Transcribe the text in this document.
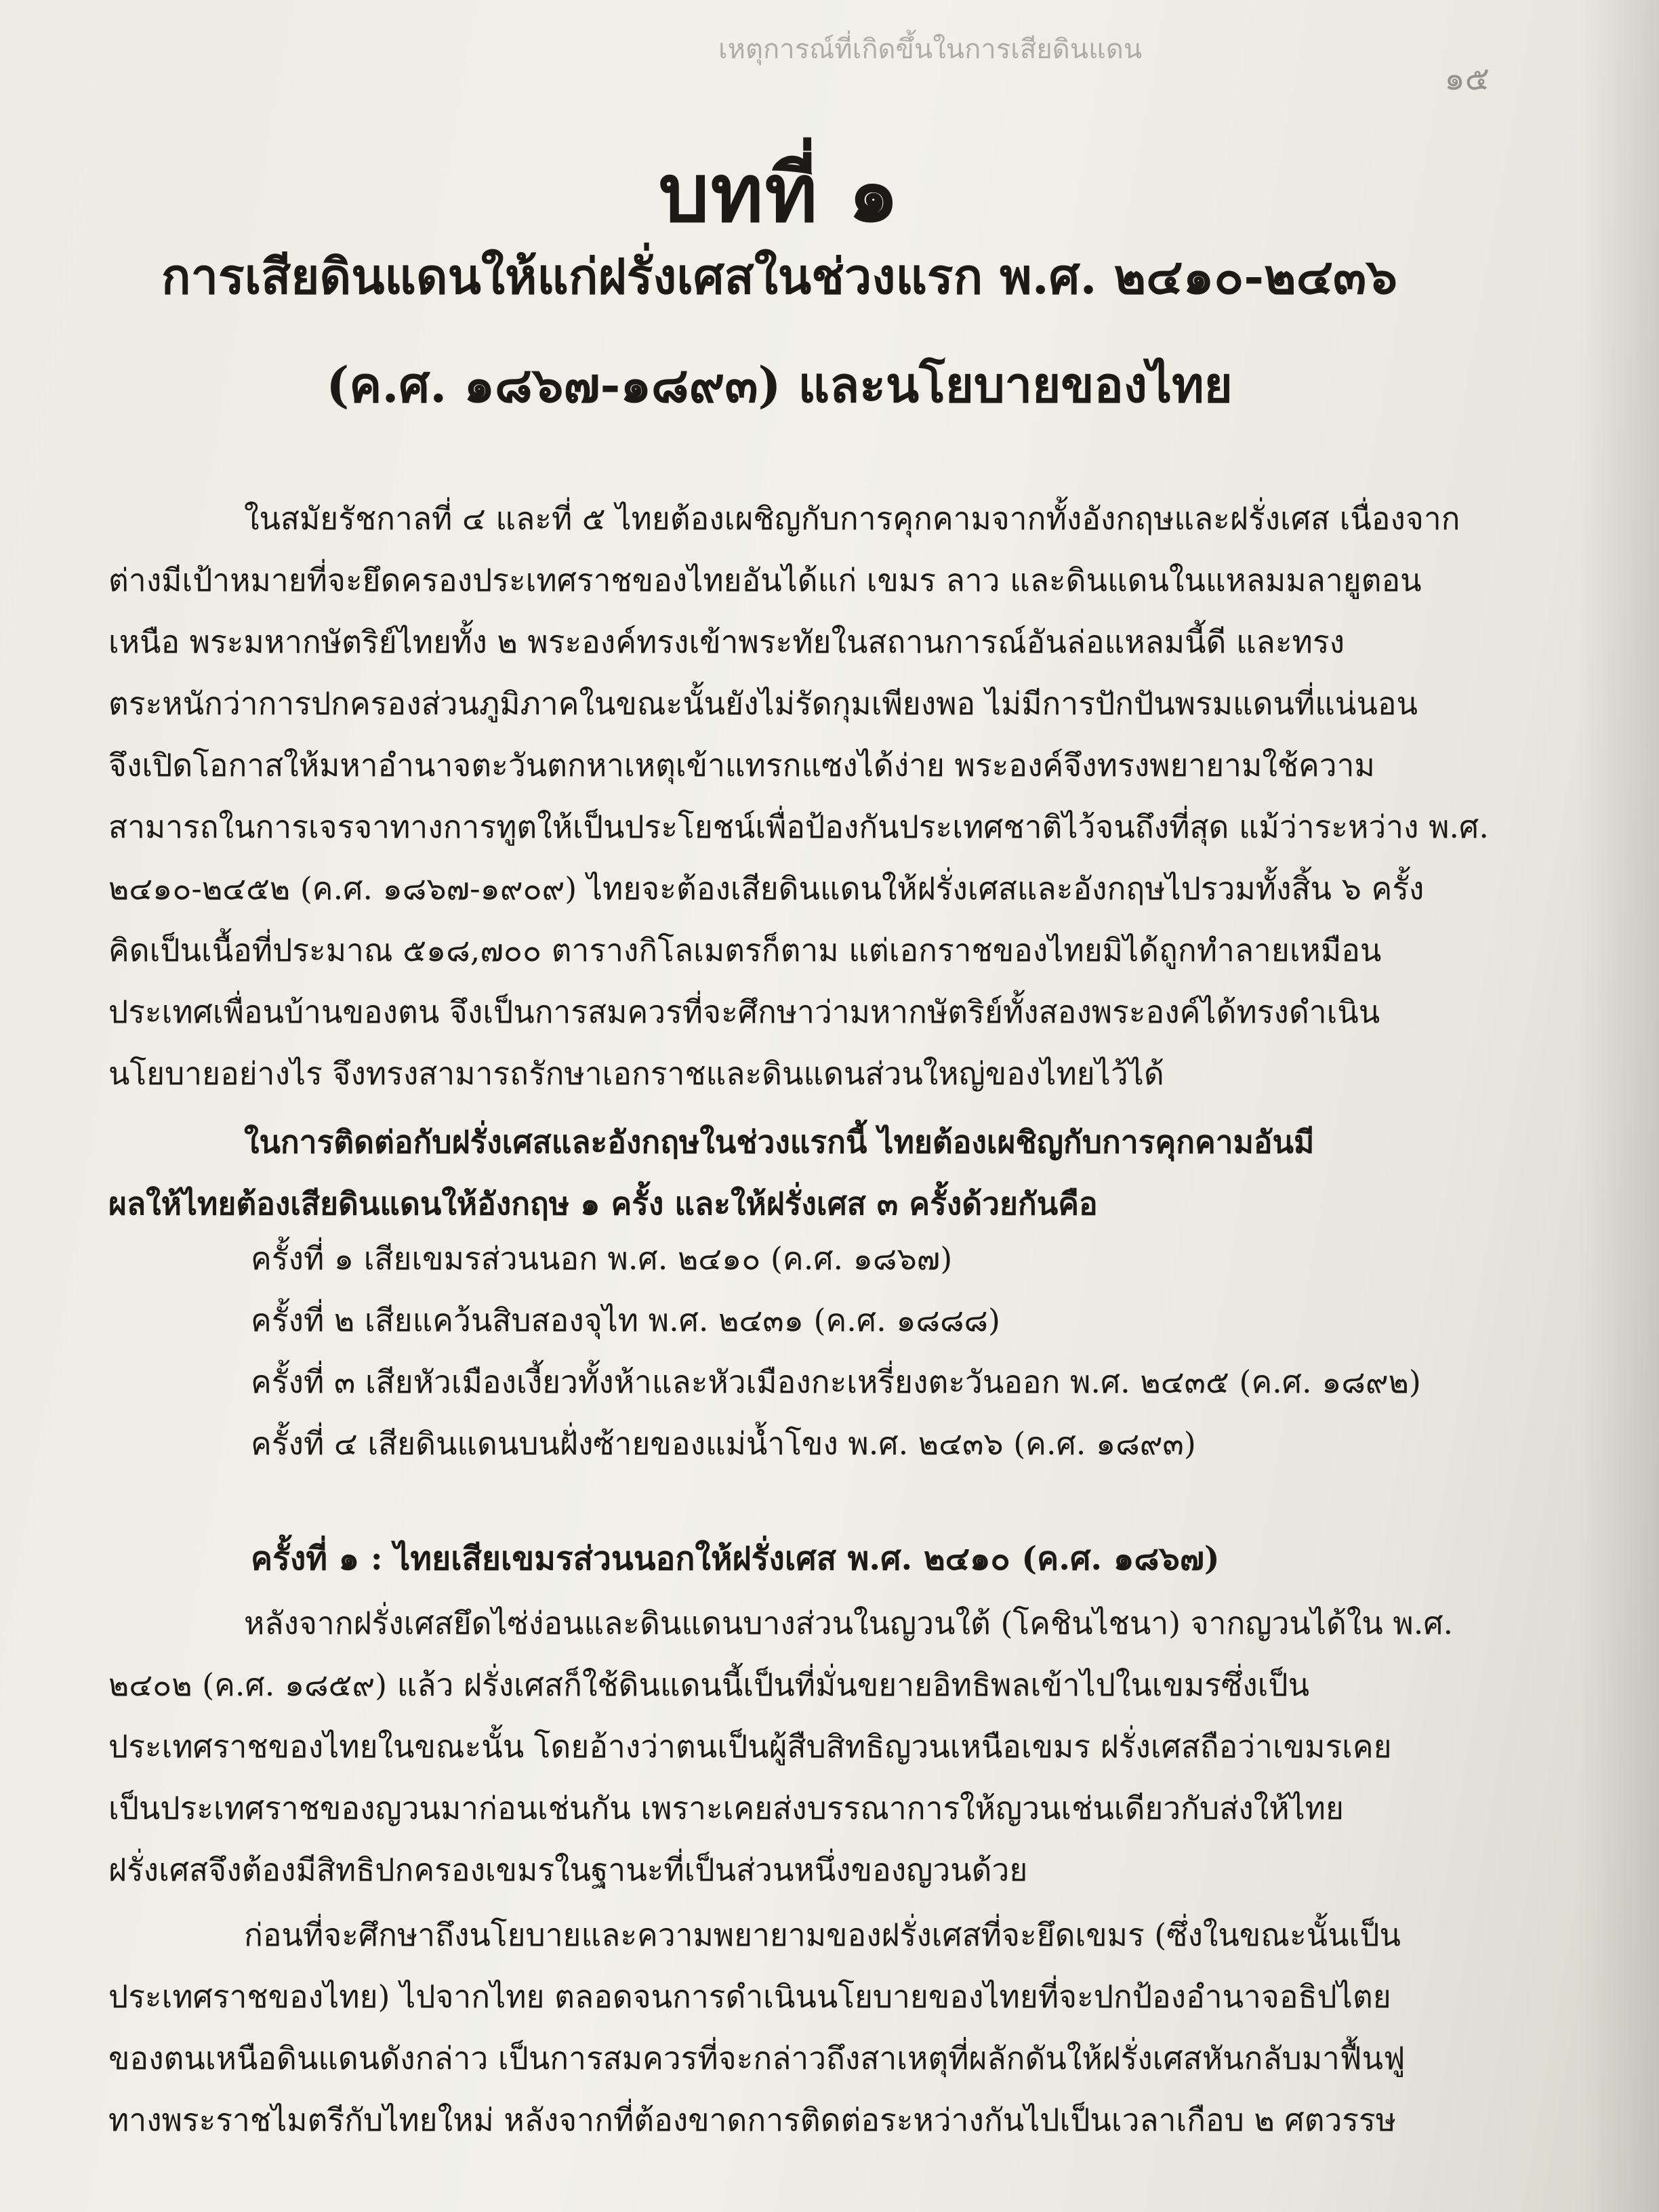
เหตุการณ์ที่เกิดขึ้นในการเสียดินแดน
๑๕
บทที่ ๑
การเสียดินแดนให้แก่ฝรั่งเศสในช่วงแรก พ.ศ. ๒๔๑๐-๒๔๓๖
(ค.ศ. ๑๘๖๗-๑๘๙๓) และนโยบายของไทย
ในสมัยรัชกาลที่ ๔ และที่ ๕ ไทยต้องเผชิญกับการคุกคามจากทั้งอังกฤษและฝรั่งเศส เนื่องจาก
ต่างมีเป้าหมายที่จะยึดครองประเทศราชของไทยอันได้แก่ เขมร ลาว และดินแดนในแหลมมลายูตอน
เหนือ พระมหากษัตริย์ไทยทั้ง ๒ พระองค์ทรงเข้าพระทัยในสถานการณ์อันล่อแหลมนี้ดี และทรง
ตระหนักว่าการปกครองส่วนภูมิภาคในขณะนั้นยังไม่รัดกุมเพียงพอ ไม่มีการปักปันพรมแดนที่แน่นอน
จึงเปิดโอกาสให้มหาอำนาจตะวันตกหาเหตุเข้าแทรกแซงได้ง่าย พระองค์จึงทรงพยายามใช้ความ
สามารถในการเจรจาทางการทูตให้เป็นประโยชน์เพื่อป้องกันประเทศชาติไว้จนถึงที่สุด แม้ว่าระหว่าง พ.ศ.
๒๔๑๐-๒๔๕๒ (ค.ศ. ๑๘๖๗-๑๙๐๙) ไทยจะต้องเสียดินแดนให้ฝรั่งเศสและอังกฤษไปรวมทั้งสิ้น ๖ ครั้ง
คิดเป็นเนื้อที่ประมาณ ๕๑๘,๗๐๐ ตารางกิโลเมตรก็ตาม แต่เอกราชของไทยมิได้ถูกทำลายเหมือน
ประเทศเพื่อนบ้านของตน จึงเป็นการสมควรที่จะศึกษาว่ามหากษัตริย์ทั้งสองพระองค์ได้ทรงดำเนิน
นโยบายอย่างไร จึงทรงสามารถรักษาเอกราชและดินแดนส่วนใหญ่ของไทยไว้ได้
ในการติดต่อกับฝรั่งเศสและอังกฤษในช่วงแรกนี้ ไทยต้องเผชิญกับการคุกคามอันมี
ผลให้ไทยต้องเสียดินแดนให้อังกฤษ ๑ ครั้ง และให้ฝรั่งเศส ๓ ครั้งด้วยกันคือ
ครั้งที่ ๑ เสียเขมรส่วนนอก พ.ศ. ๒๔๑๐ (ค.ศ. ๑๘๖๗)
ครั้งที่ ๒ เสียแคว้นสิบสองจุไท พ.ศ. ๒๔๓๑ (ค.ศ. ๑๘๘๘)
ครั้งที่ ๓ เสียหัวเมืองเงี้ยวทั้งห้าและหัวเมืองกะเหรี่ยงตะวันออก พ.ศ. ๒๔๓๕ (ค.ศ. ๑๘๙๒)
ครั้งที่ ๔ เสียดินแดนบนฝั่งซ้ายของแม่น้ำโขง พ.ศ. ๒๔๓๖ (ค.ศ. ๑๘๙๓)
ครั้งที่ ๑ : ไทยเสียเขมรส่วนนอกให้ฝรั่งเศส พ.ศ. ๒๔๑๐ (ค.ศ. ๑๘๖๗)
หลังจากฝรั่งเศสยึดไซ่ง่อนและดินแดนบางส่วนในญวนใต้ (โคชินไชนา) จากญวนได้ใน พ.ศ.
๒๔๐๒ (ค.ศ. ๑๘๕๙) แล้ว ฝรั่งเศสก็ใช้ดินแดนนี้เป็นที่มั่นขยายอิทธิพลเข้าไปในเขมรซึ่งเป็น
ประเทศราชของไทยในขณะนั้น โดยอ้างว่าตนเป็นผู้สืบสิทธิญวนเหนือเขมร ฝรั่งเศสถือว่าเขมรเคย
เป็นประเทศราชของญวนมาก่อนเช่นกัน เพราะเคยส่งบรรณาการให้ญวนเช่นเดียวกับส่งให้ไทย
ฝรั่งเศสจึงต้องมีสิทธิปกครองเขมรในฐานะที่เป็นส่วนหนึ่งของญวนด้วย
ก่อนที่จะศึกษาถึงนโยบายและความพยายามของฝรั่งเศสที่จะยึดเขมร (ซึ่งในขณะนั้นเป็น
ประเทศราชของไทย) ไปจากไทย ตลอดจนการดำเนินนโยบายของไทยที่จะปกป้องอำนาจอธิปไตย
ของตนเหนือดินแดนดังกล่าว เป็นการสมควรที่จะกล่าวถึงสาเหตุที่ผลักดันให้ฝรั่งเศสหันกลับมาฟื้นฟู
ทางพระราชไมตรีกับไทยใหม่ หลังจากที่ต้องขาดการติดต่อระหว่างกันไปเป็นเวลาเกือบ ๒ ศตวรรษ
